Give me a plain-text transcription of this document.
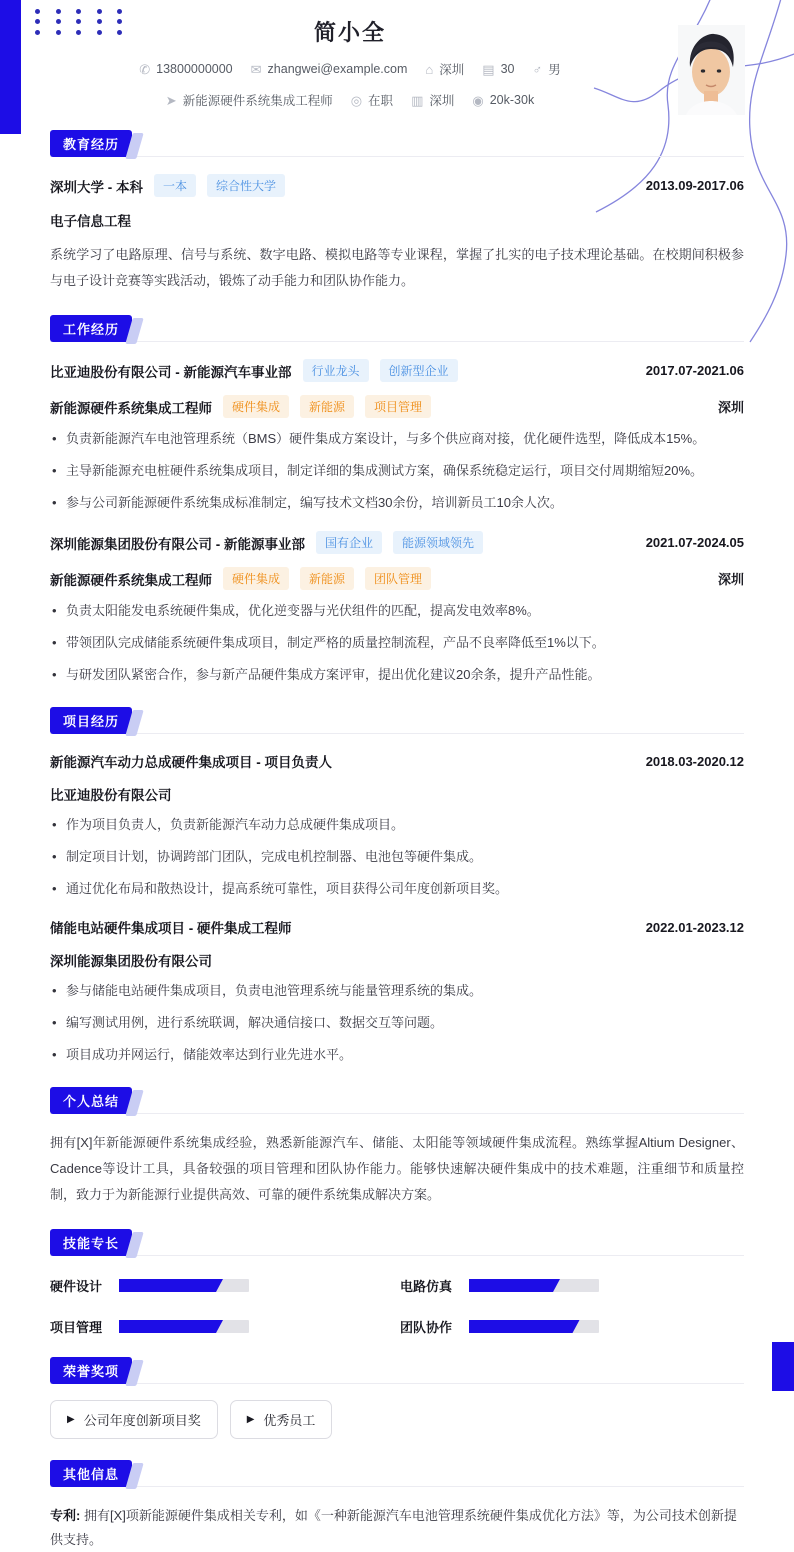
简小全
✆ 13800000000 ✉ zhangwei@example.com ⌂ 深圳 ▤ 30 ♂ 男
➤ 新能源硬件系统集成工程师 ◎ 在职 ▥ 深圳 ◉ 20k-30k
教育经历
深圳大学 - 本科	一本	综合性大学	2013.09-2017.06
电子信息工程

系统学习了电路原理、信号与系统、数字电路、模拟电路等专业课程，掌握了扎实的电子技术理论基础。在校期间积极参与电子设计竞赛等实践活动，锻炼了动手能力和团队协作能力。

工作经历
比亚迪股份有限公司 - 新能源汽车事业部	行业龙头	创新型企业	2017.07-2021.06
新能源硬件系统集成工程师	硬件集成	新能源	项目管理	深圳
• 负责新能源汽车电池管理系统（BMS）硬件集成方案设计，与多个供应商对接，优化硬件选型，降低成本15%。
• 主导新能源充电桩硬件系统集成项目，制定详细的集成测试方案，确保系统稳定运行，项目交付周期缩短20%。
• 参与公司新能源硬件系统集成标准制定，编写技术文档30余份，培训新员工10余人次。
深圳能源集团股份有限公司 - 新能源事业部	国有企业	能源领域领先	2021.07-2024.05
新能源硬件系统集成工程师	硬件集成	新能源	团队管理	深圳
• 负责太阳能发电系统硬件集成，优化逆变器与光伏组件的匹配，提高发电效率8%。
• 带领团队完成储能系统硬件集成项目，制定严格的质量控制流程，产品不良率降低至1%以下。
• 与研发团队紧密合作，参与新产品硬件集成方案评审，提出优化建议20余条，提升产品性能。
项目经历
新能源汽车动力总成硬件集成项目 - 项目负责人	2018.03-2020.12
比亚迪股份有限公司
• 作为项目负责人，负责新能源汽车动力总成硬件集成项目。
• 制定项目计划，协调跨部门团队，完成电机控制器、电池包等硬件集成。
• 通过优化布局和散热设计，提高系统可靠性，项目获得公司年度创新项目奖。
储能电站硬件集成项目 - 硬件集成工程师	2022.01-2023.12
深圳能源集团股份有限公司
• 参与储能电站硬件集成项目，负责电池管理系统与能量管理系统的集成。
• 编写测试用例，进行系统联调，解决通信接口、数据交互等问题。
• 项目成功并网运行，储能效率达到行业先进水平。
个人总结

拥有[X]年新能源硬件系统集成经验，熟悉新能源汽车、储能、太阳能等领域硬件集成流程。熟练掌握Altium Designer、Cadence等设计工具，具备较强的项目管理和团队协作能力。能够快速解决硬件集成中的技术难题，注重细节和质量控制，致力于为新能源行业提供高效、可靠的硬件系统集成解决方案。

技能专长
硬件设计	电路仿真
项目管理	团队协作
荣誉奖项
▶ 公司年度创新项目奖	▶ 优秀员工
其他信息

专利: 拥有[X]项新能源硬件集成相关专利，如《一种新能源汽车电池管理系统硬件集成优化方法》等，为公司技术创新提供支持。
